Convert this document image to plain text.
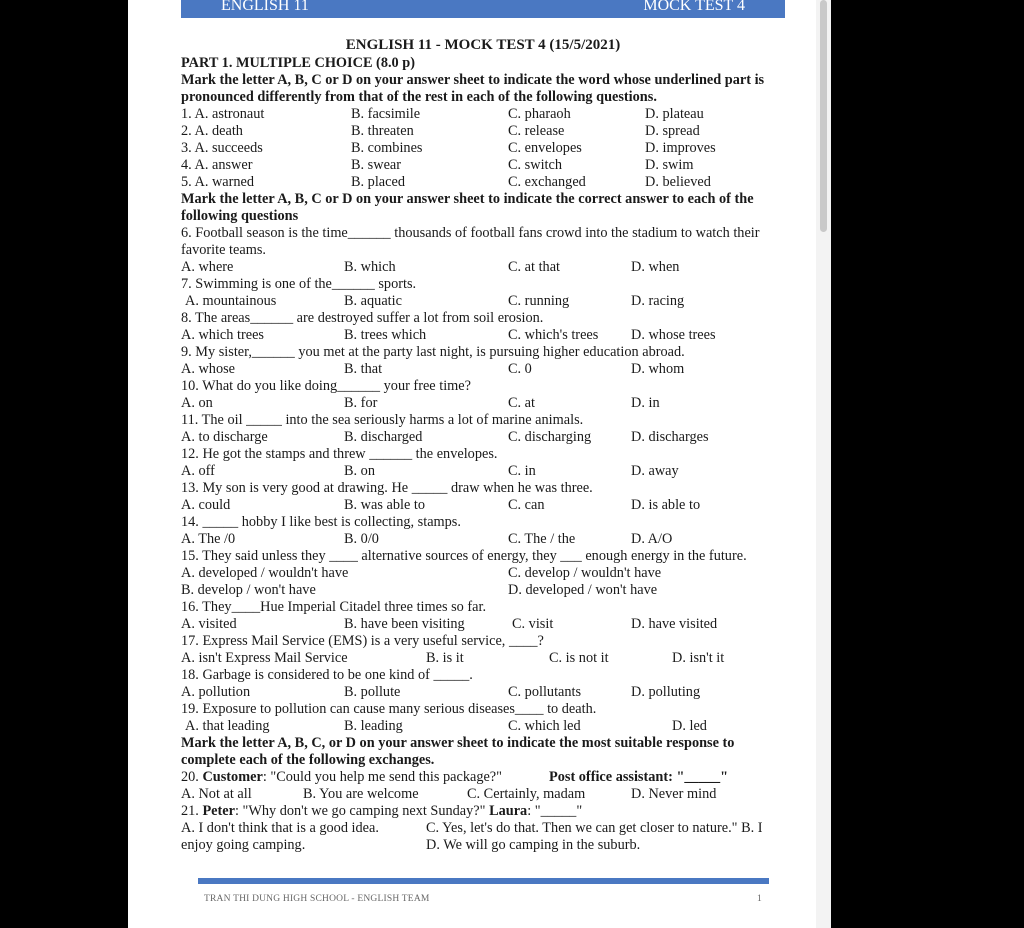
ENGLISH 11	MOCK TEST 4
ENGLISH 11 - MOCK TEST 4 (15/5/2021)
PART 1. MULTIPLE CHOICE (8.0 p)
Mark the letter A, B, C or D on your answer sheet to indicate the word whose underlined part is
pronounced differently from that of the rest in each of the following questions.
1. A. astronaut	B. facsimile	C. pharaoh	D. plateau
2. A. death	B. threaten	C. release	D. spread
3. A. succeeds	B. combines	C. envelopes	D. improves
4. A. answer	B. swear	C. switch	D. swim
5. A. warned	B. placed	C. exchanged	D. believed
Mark the letter A, B, C or D on your answer sheet to indicate the correct answer to each of the
following questions
6. Football season is the time______ thousands of football fans crowd into the stadium to watch their
favorite teams.
A. where	B. which	C. at that	D. when
7. Swimming is one of the______ sports.
A. mountainous	B. aquatic	C. running	D. racing
8. The areas______ are destroyed suffer a lot from soil erosion.
A. which trees	B. trees which	C. which's trees D. whose trees
9. My sister,______ you met at the party last night, is pursuing higher education abroad.
A. whose	B. that	C. 0	D. whom
10. What do you like doing______ your free time?
A. on	B. for	C. at	D. in
11. The oil _____ into the sea seriously harms a lot of marine animals.
A. to discharge	B. discharged	C. discharging	D. discharges
12. He got the stamps and threw ______ the envelopes.
A. off	B. on	C. in	D. away
13. My son is very good at drawing. He _____ draw when he was three.
A. could	B. was able to	C. can	D. is able to
14. _____ hobby I like best is collecting, stamps.
A. The /0	B. 0/0	C. The / the	D. A/O
15. They said unless they ____ alternative sources of energy, they ___ enough energy in the future.
A. developed / wouldn't have	C. develop / wouldn't have
B. develop / won't have	D. developed / won't have
16. They____Hue Imperial Citadel three times so far.
A. visited	B. have been visiting	C. visit	D. have visited
17. Express Mail Service (EMS) is a very useful service, ____?
A. isn't Express Mail Service	B. is it	C. is not it	D. isn't it
18. Garbage is considered to be one kind of _____.
A. pollution	B. pollute	C. pollutants	D. polluting
19. Exposure to pollution can cause many serious diseases____ to death.
A. that leading	B. leading	C. which led	D. led
Mark the letter A, B, C, or D on your answer sheet to indicate the most suitable response to
complete each of the following exchanges.
20. Customer: "Could you help me send this package?"	Post office assistant: "_____"
A. Not at all	B. You are welcome	C. Certainly, madam	D. Never mind
21. Peter: "Why don't we go camping next Sunday?" Laura: "_____"
A. I don't think that is a good idea.	C. Yes, let's do that. Then we can get closer to nature." B. I
enjoy going camping.	D. We will go camping in the suburb.
TRAN THI DUNG HIGH SCHOOL - ENGLISH TEAM	1
